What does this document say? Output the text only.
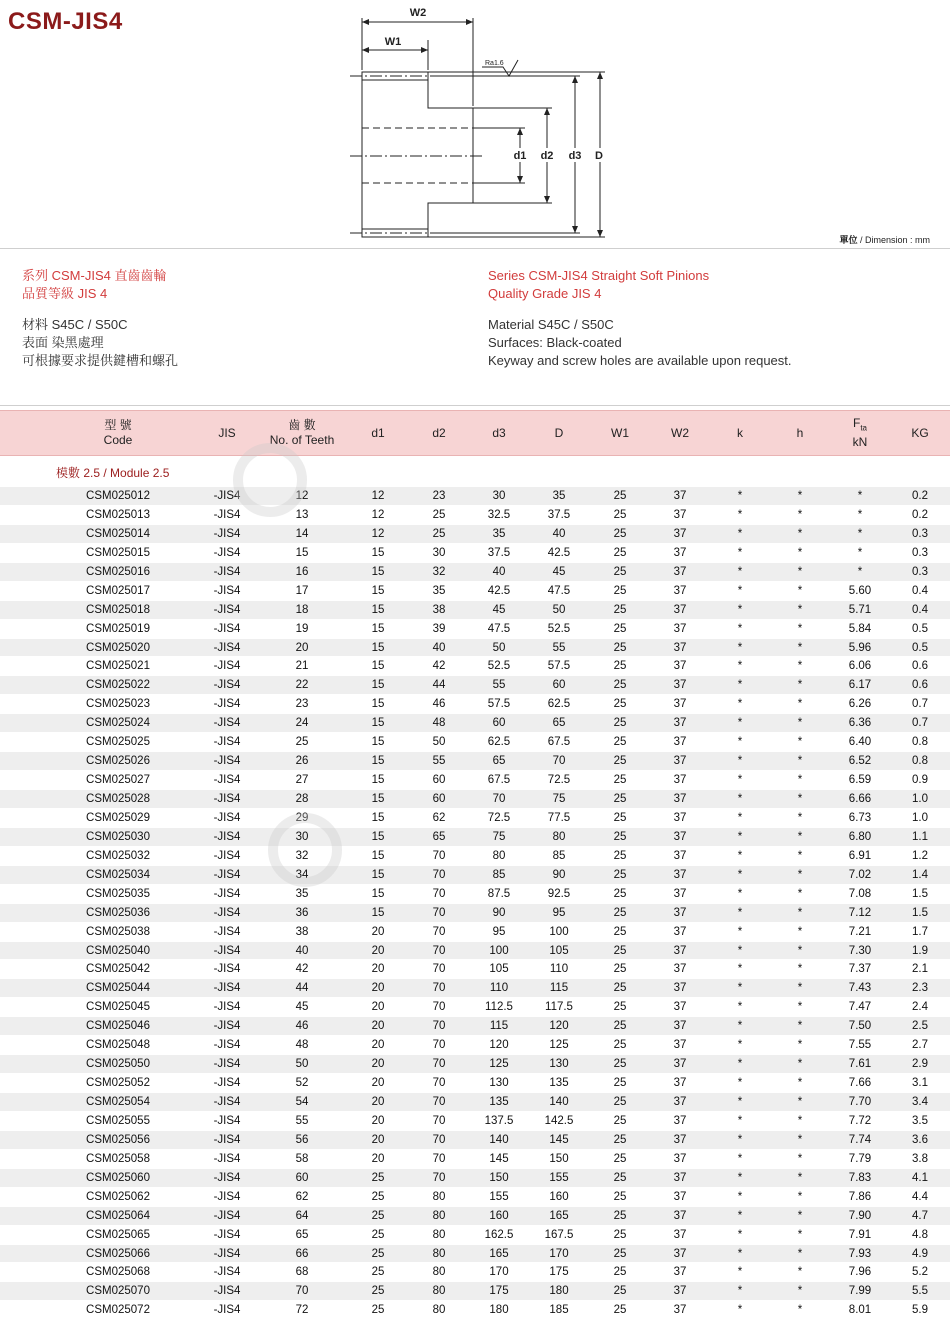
CSM-JIS4	W2
W1
d1 d2 d3 D
Ra1.6
單位 / Dimension : mm
系列 CSM-JIS4 直齒齒輪
品質等級 JIS 4
材料 S45C / S50C
表面 染黑處理
可根據要求提供鍵槽和螺孔
Series CSM-JIS4 Straight Soft Pinions
Quality Grade JIS 4
Material S45C / S50C
Surfaces: Black-coated
Keyway and screw holes are available upon request.
型 號
Code
JIS
齒 數
No. of Teeth
d1	d2	d3	D	W1	W2	k	h
$F_{ta}$
kN
KG
模數 2.5 / Module 2.5
CSM025012	-JIS4	12	12	23	30	35	25	37	*	*	*	0.2
CSM025013	-JIS4	13	12	25	32.5	37.5	25	37	*	*	*	0.2
CSM025014	-JIS4	14	12	25	35	40	25	37	*	*	*	0.3
CSM025015	-JIS4	15	15	30	37.5	42.5	25	37	*	*	*	0.3
CSM025016	-JIS4	16	15	32	40	45	25	37	*	*	*	0.3
CSM025017	-JIS4	17	15	35	42.5	47.5	25	37	*	*	5.60	0.4
CSM025018	-JIS4	18	15	38	45	50	25	37	*	*	5.71	0.4
CSM025019	-JIS4	19	15	39	47.5	52.5	25	37	*	*	5.84	0.5
CSM025020	-JIS4	20	15	40	50	55	25	37	*	*	5.96	0.5
CSM025021	-JIS4	21	15	42	52.5	57.5	25	37	*	*	6.06	0.6
CSM025022	-JIS4	22	15	44	55	60	25	37	*	*	6.17	0.6
CSM025023	-JIS4	23	15	46	57.5	62.5	25	37	*	*	6.26	0.7
CSM025024	-JIS4	24	15	48	60	65	25	37	*	*	6.36	0.7
CSM025025	-JIS4	25	15	50	62.5	67.5	25	37	*	*	6.40	0.8
CSM025026	-JIS4	26	15	55	65	70	25	37	*	*	6.52	0.8
CSM025027	-JIS4	27	15	60	67.5	72.5	25	37	*	*	6.59	0.9
CSM025028	-JIS4	28	15	60	70	75	25	37	*	*	6.66	1.0
CSM025029	-JIS4	29	15	62	72.5	77.5	25	37	*	*	6.73	1.0
CSM025030	-JIS4	30	15	65	75	80	25	37	*	*	6.80	1.1
CSM025032	-JIS4	32	15	70	80	85	25	37	*	*	6.91	1.2
CSM025034	-JIS4	34	15	70	85	90	25	37	*	*	7.02	1.4
CSM025035	-JIS4	35	15	70	87.5	92.5	25	37	*	*	7.08	1.5
CSM025036	-JIS4	36	15	70	90	95	25	37	*	*	7.12	1.5
CSM025038	-JIS4	38	20	70	95	100	25	37	*	*	7.21	1.7
CSM025040	-JIS4	40	20	70	100	105	25	37	*	*	7.30	1.9
CSM025042	-JIS4	42	20	70	105	110	25	37	*	*	7.37	2.1
CSM025044	-JIS4	44	20	70	110	115	25	37	*	*	7.43	2.3
CSM025045	-JIS4	45	20	70	112.5	117.5	25	37	*	*	7.47	2.4
CSM025046	-JIS4	46	20	70	115	120	25	37	*	*	7.50	2.5
CSM025048	-JIS4	48	20	70	120	125	25	37	*	*	7.55	2.7
CSM025050	-JIS4	50	20	70	125	130	25	37	*	*	7.61	2.9
CSM025052	-JIS4	52	20	70	130	135	25	37	*	*	7.66	3.1
CSM025054	-JIS4	54	20	70	135	140	25	37	*	*	7.70	3.4
CSM025055	-JIS4	55	20	70	137.5	142.5	25	37	*	*	7.72	3.5
CSM025056	-JIS4	56	20	70	140	145	25	37	*	*	7.74	3.6
CSM025058	-JIS4	58	20	70	145	150	25	37	*	*	7.79	3.8
CSM025060	-JIS4	60	25	70	150	155	25	37	*	*	7.83	4.1
CSM025062	-JIS4	62	25	80	155	160	25	37	*	*	7.86	4.4
CSM025064	-JIS4	64	25	80	160	165	25	37	*	*	7.90	4.7
CSM025065	-JIS4	65	25	80	162.5	167.5	25	37	*	*	7.91	4.8
CSM025066	-JIS4	66	25	80	165	170	25	37	*	*	7.93	4.9
CSM025068	-JIS4	68	25	80	170	175	25	37	*	*	7.96	5.2
CSM025070	-JIS4	70	25	80	175	180	25	37	*	*	7.99	5.5
CSM025072	-JIS4	72	25	80	180	185	25	37	*	*	8.01	5.9
